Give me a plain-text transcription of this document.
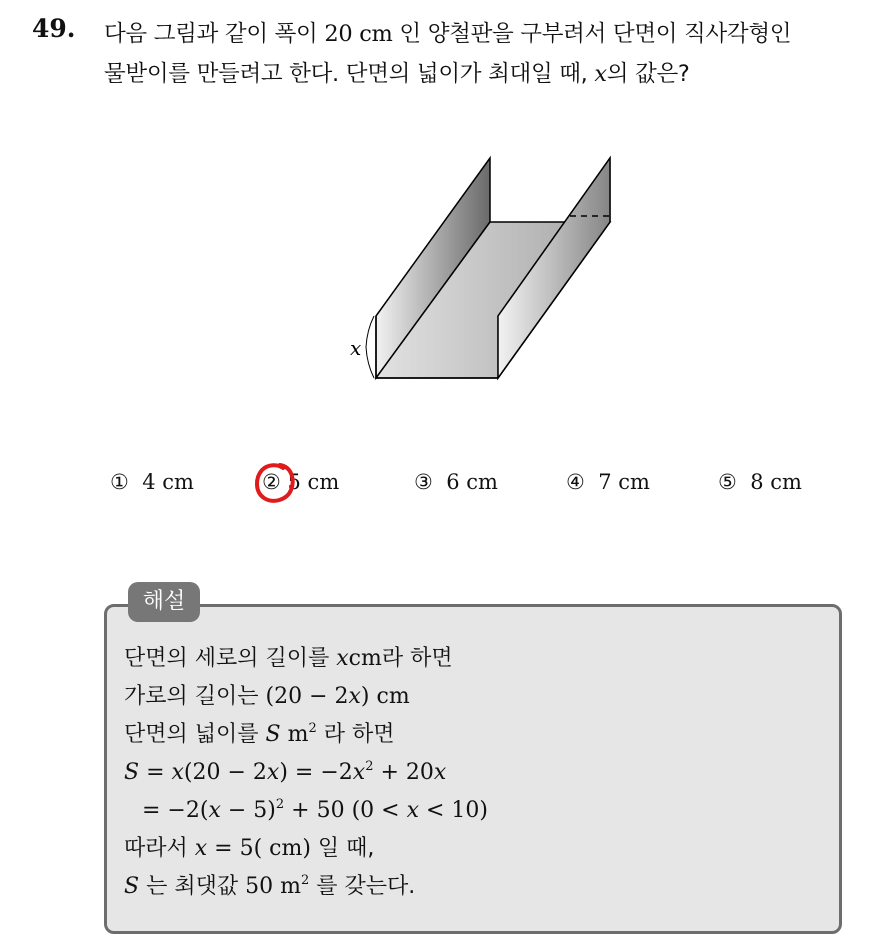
49. 다음 그림과 같이 폭이 20 cm 인 양철판을 구부려서 단면이 직사각형인
물받이를 만들려고 한다. 단면의 넓이가 최대일 때, x의 값은?
x
① 4 cm	② 5 cm	③ 6 cm	④ 7 cm	⑤ 8 cm
해설
단면의 세로의 길이를 xcm라 하면
가로의 길이는 (20 − 2x) cm
단면의 넓이를 S $m^2$ 라 하면
$S = x(20 - 2x) = -2x^2 + 20x$
= $-2(x - 5)^2 + 50$ (0 < x < 10)
따라서 x = 5( cm) 일 때,
S 는 최댓값 50 $m^2$ 를 갖는다.
